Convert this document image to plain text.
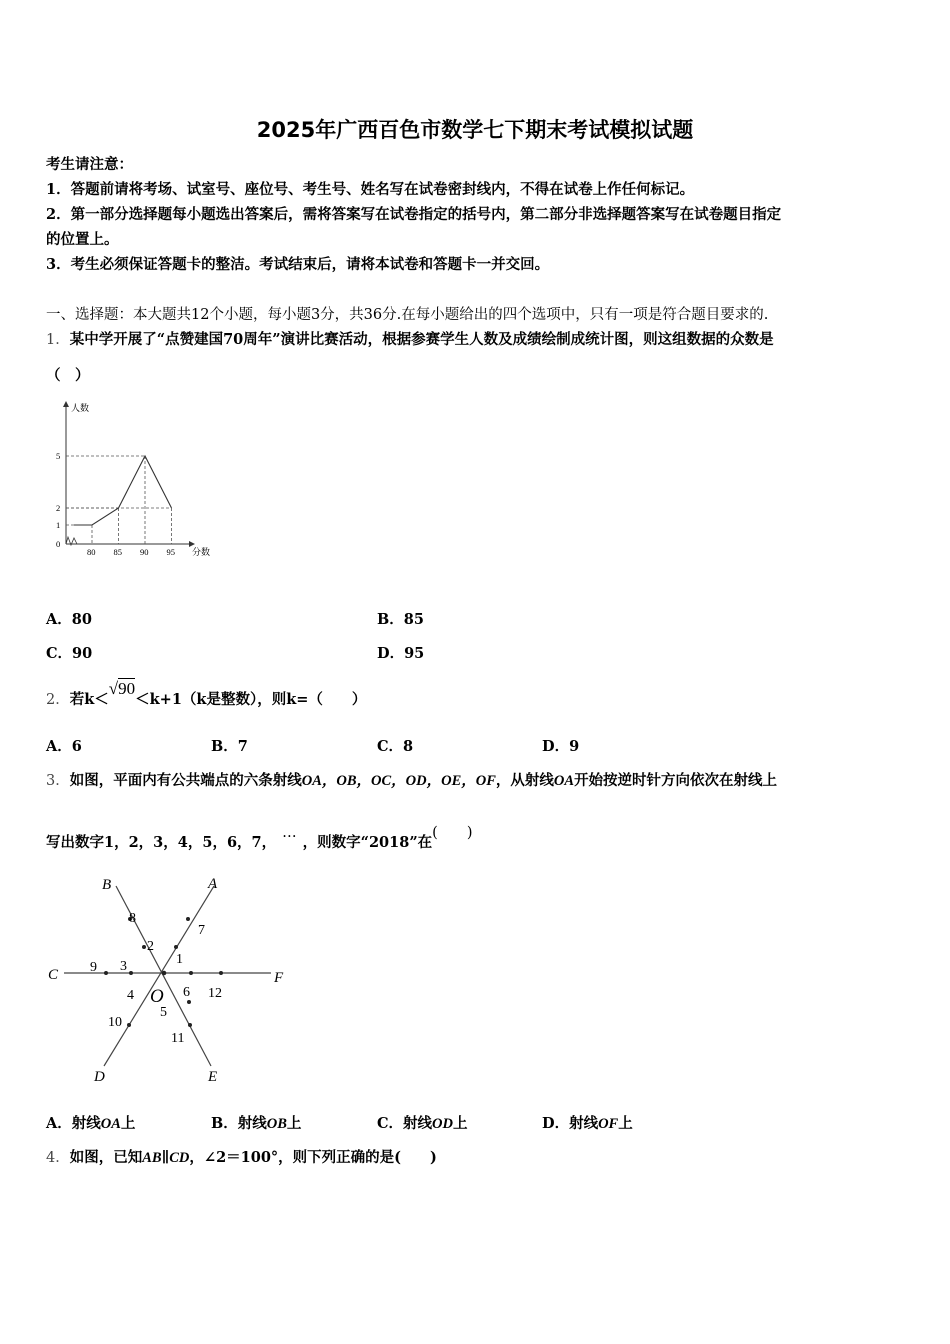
2025年广西百色市数学七下期末考试模拟试题
考生请注意：
1．答题前请将考场、试室号、座位号、考生号、姓名写在试卷密封线内，不得在试卷上作任何标记。
2．第一部分选择题每小题选出答案后，需将答案写在试卷指定的括号内，第二部分非选择题答案写在试卷题目指定
的位置上。
3．考生必须保证答题卡的整洁。考试结束后，请将本试卷和答题卡一并交回。
一、选择题：本大题共12个小题，每小题3分，共36分.在每小题给出的四个选项中，只有一项是符合题目要求的.
1．某中学开展了“点赞建国70周年”演讲比赛活动，根据参赛学生人数及成绩绘制成统计图，则这组数据的众数是
（　）
80 85 90 95
0
1
2
5
人数
分数
A．80	B．85
C．90	D．95
2．若k＜√90＜k+1（k是整数），则k=（　　）
A．6	B．7	C．8	D．9
3．如图，平面内有公共端点的六条射线OA，OB，OC，OD，OE，OF，从射线OA开始按逆时针方向依次在射线上
写出数字1，2，3，4，5，6，7，…，则数字“2018”在(　　)
A
B
C
D	E
F
O
1
2
3
4
5
6
7
8
9
10
11
12
A．射线OA上	B．射线OB上	C．射线OD上	D．射线OF上
4．如图，已知AB∥CD，∠2＝100°，则下列正确的是(　　)
